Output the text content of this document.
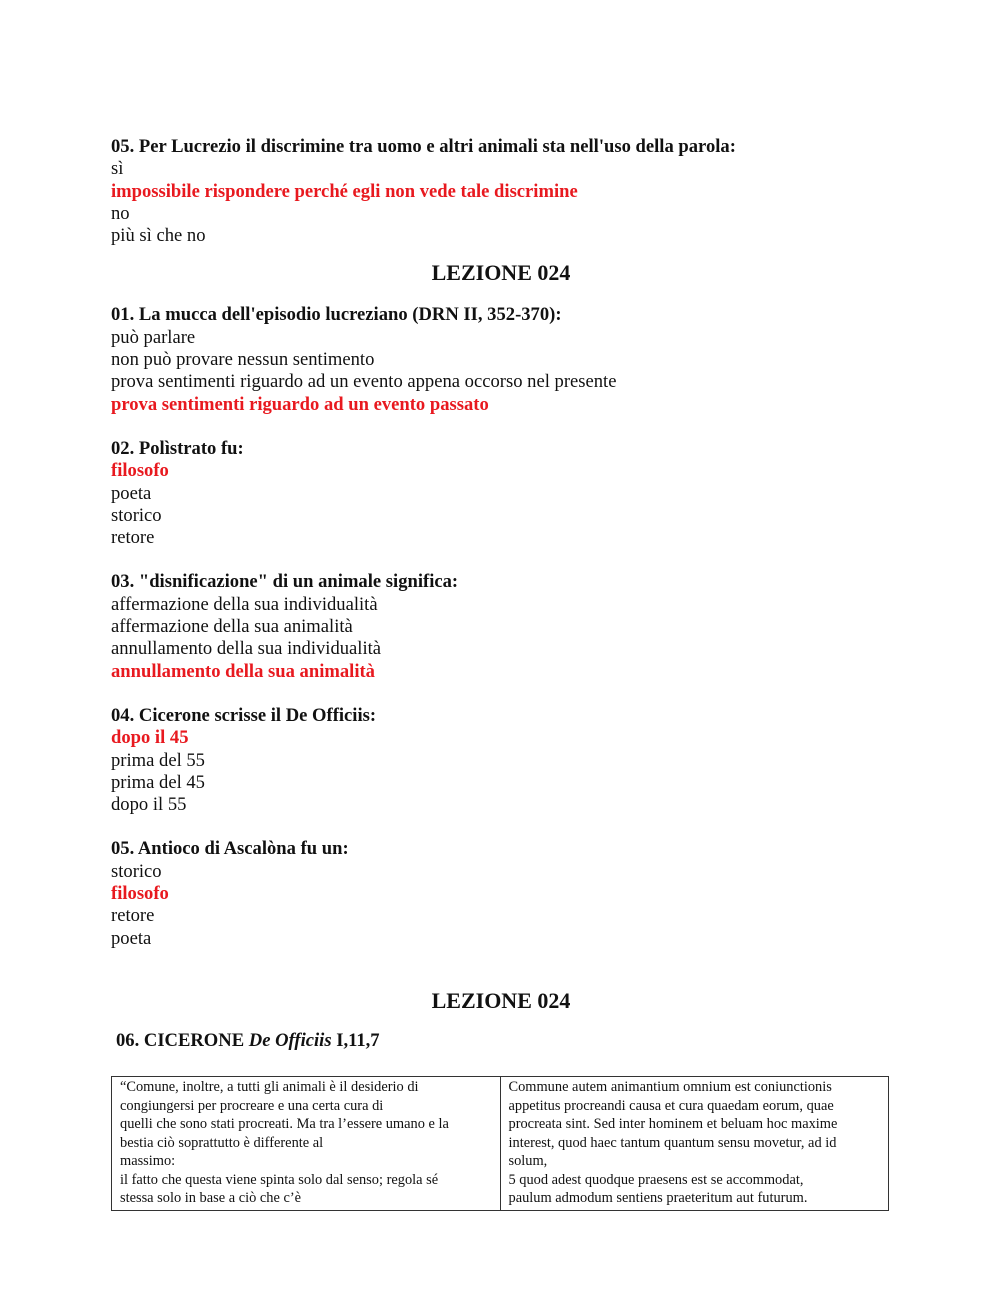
05. Per Lucrezio il discrimine tra uomo e altri animali sta nell'uso della parola:
sì
impossibile rispondere perché egli non vede tale discrimine
no
più sì che no
LEZIONE 024
01. La mucca dell'episodio lucreziano (DRN II, 352-370):
può parlare
non può provare nessun sentimento
prova sentimenti riguardo ad un evento appena occorso nel presente
prova sentimenti riguardo ad un evento passato
02. Polìstrato fu:
filosofo
poeta
storico
retore
03. "disnificazione" di un animale significa:
affermazione della sua individualità
affermazione della sua animalità
annullamento della sua individualità
annullamento della sua animalità
04. Cicerone scrisse il De Officiis:
dopo il 45
prima del 55
prima del 45
dopo il 55
05. Antioco di Ascalòna fu un:
storico
filosofo
retore
poeta
LEZIONE 024
06. CICERONE De Officiis I,11,7
“Comune, inoltre, a tutti gli animali è il desiderio di
congiungersi per procreare e una certa cura di
quelli che sono stati procreati. Ma tra l’essere umano e la
bestia ciò soprattutto è differente al
massimo:
il fatto che questa viene spinta solo dal senso; regola sé
stessa solo in base a ciò che c’è

Commune autem animantium omnium est coniunctionis
appetitus procreandi causa et cura quaedam eorum, quae
procreata sint. Sed inter hominem et beluam hoc maxime
interest, quod haec tantum quantum sensu movetur, ad id
solum,
5 quod adest quodque praesens est se accommodat,
paulum admodum sentiens praeteritum aut futurum.
